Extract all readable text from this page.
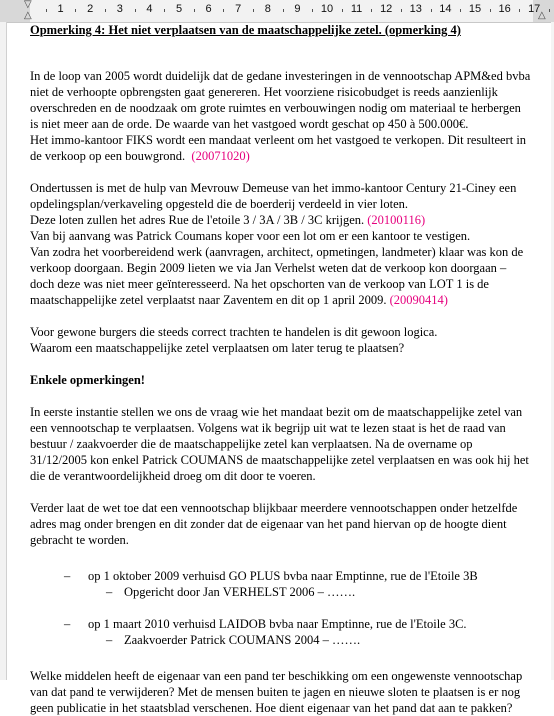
▽
△	△
1 2 3 4 5 6 7 8 9 10 11 12 13 14 15 16 17

Opmerking 4: Het niet verplaatsen van de maatschappelijke zetel. (opmerking 4)

In de loop van 2005 wordt duidelijk dat de gedane investeringen in de vennootschap APM&ed bvba

niet de verhoopte opbrengsten gaat genereren. Het voorziene risicobudget is reeds aanzienlijk

overschreden en de noodzaak om grote ruimtes en verbouwingen nodig om materiaal te herbergen

is niet meer aan de orde. De waarde van het vastgoed wordt geschat op 450 à 500.000€.

Het immo-kantoor FIKS wordt een mandaat verleent om het vastgoed te verkopen. Dit resulteert in

de verkoop op een bouwgrond. (20071020)

Ondertussen is met de hulp van Mevrouw Demeuse van het immo-kantoor Century 21-Ciney een

opdelingsplan/verkaveling opgesteld die de boerderij verdeeld in vier loten.

Deze loten zullen het adres Rue de l'etoile 3 / 3A / 3B / 3C krijgen. (20100116)

Van bij aanvang was Patrick Coumans koper voor een lot om er een kantoor te vestigen.

Van zodra het voorbereidend werk (aanvragen, architect, opmetingen, landmeter) klaar was kon de

verkoop doorgaan. Begin 2009 lieten we via Jan Verhelst weten dat de verkoop kon doorgaan –

doch deze was niet meer geïnteresseerd. Na het opschorten van de verkoop van LOT 1 is de

maatschappelijke zetel verplaatst naar Zaventem en dit op 1 april 2009. (20090414)

Voor gewone burgers die steeds correct trachten te handelen is dit gewoon logica.

Waarom een maatschappelijke zetel verplaatsen om later terug te plaatsen?

Enkele opmerkingen!

In eerste instantie stellen we ons de vraag wie het mandaat bezit om de maatschappelijke zetel van

een vennootschap te verplaatsen. Volgens wat ik begrijp uit wat te lezen staat is het de raad van

bestuur / zaakvoerder die de maatschappelijke zetel kan verplaatsen. Na de overname op

31/12/2005 kon enkel Patrick COUMANS de maatschappelijke zetel verplaatsen en was ook hij het

die de verantwoordelijkheid droeg om dit door te voeren.

Verder laat de wet toe dat een vennootschap blijkbaar meerdere vennootschappen onder hetzelfde

adres mag onder brengen en dit zonder dat de eigenaar van het pand hiervan op de hoogte dient

gebracht te worden.

– op 1 oktober 2009 verhuisd GO PLUS bvba naar Emptinne, rue de l'Etoile 3B

– Opgericht door Jan VERHELST 2006 – …….

– op 1 maart 2010 verhuisd LAIDOB bvba naar Emptinne, rue de l'Etoile 3C.

– Zaakvoerder Patrick COUMANS 2004 – …….

Welke middelen heeft de eigenaar van een pand ter beschikking om een ongewenste vennootschap

van dat pand te verwijderen? Met de mensen buiten te jagen en nieuwe sloten te plaatsen is er nog

geen publicatie in het staatsblad verschenen. Hoe dient eigenaar van het pand dat aan te pakken?
